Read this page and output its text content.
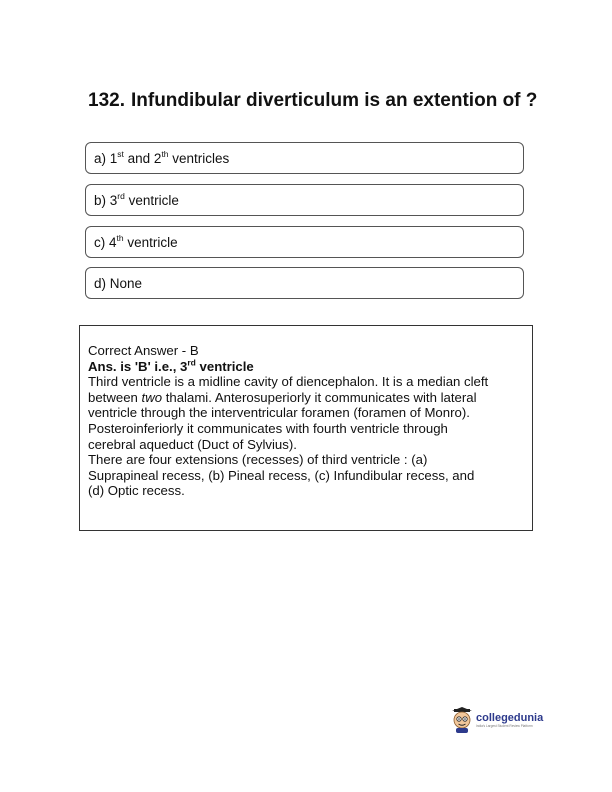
132. Infundibular diverticulum is an extention of ?
a) 1st and 2th ventricles
b) 3rd ventricle
c) 4th ventricle
d) None
Correct Answer - B
Ans. is 'B' i.e., 3rd ventricle
Third ventricle is a midline cavity of diencephalon. It is a median cleft
between two thalami. Anterosuperiorly it communicates with lateral
ventricle through the interventricular foramen (foramen of Monro).
Posteroinferiorly it communicates with fourth ventricle through
cerebral aqueduct (Duct of Sylvius).
There are four extensions (recesses) of third ventricle : (a)
Suprapineal recess, (b) Pineal recess, (c) Infundibular recess, and
(d) Optic recess.
collegedunia
India's Largest Student Review Platform
